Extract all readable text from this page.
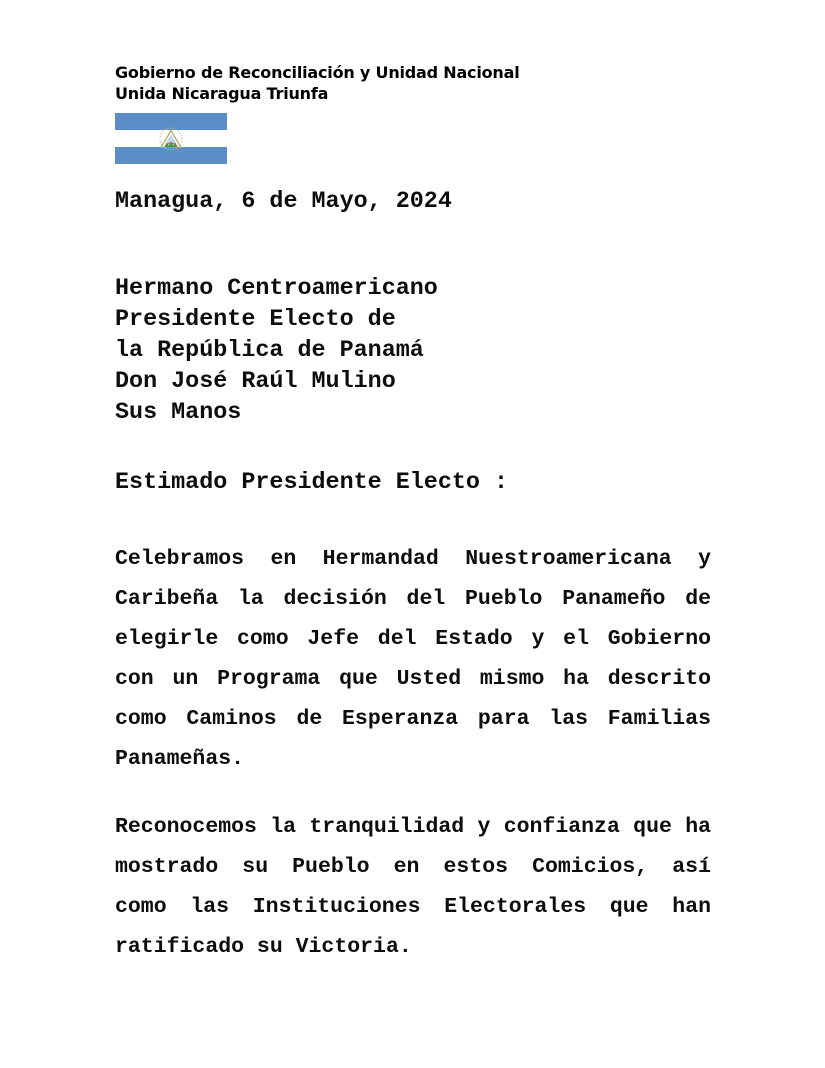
Gobierno de Reconciliación y Unidad Nacional
Unida Nicaragua Triunfa
Managua, 6 de Mayo, 2024
Hermano Centroamericano
Presidente Electo de
la República de Panamá
Don José Raúl Mulino
Sus Manos
Estimado Presidente Electo :
Celebramos en Hermandad Nuestroamericana y
Caribeña la decisión del Pueblo Panameño de
elegirle como Jefe del Estado y el Gobierno
con un Programa que Usted mismo ha descrito
como Caminos de Esperanza para las Familias
Panameñas.
Reconocemos la tranquilidad y confianza que ha
mostrado su Pueblo en estos Comicios, así
como las Instituciones Electorales que han
ratificado su Victoria.
